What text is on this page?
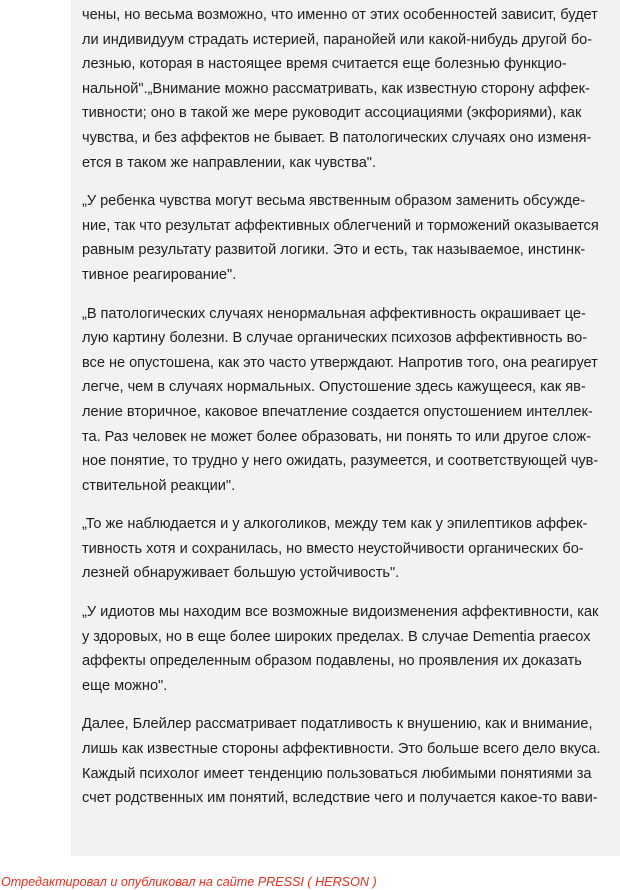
чены, но весьма возможно, что именно от этих особенностей зависит, будет
ли индивидуум страдать истерией, паранойей или какой-нибудь другой бо-
лезнью, которая в настоящее время считается еще болезнью функцио-
нальной".„Внимание можно рассматривать, как известную сторону аффек-
тивности; оно в такой же мере руководит ассоциациями (экфориями), как
чувства, и без аффектов не бывает. В патологических случаях оно изменя-
ется в таком же направлении, как чувства".

„У ребенка чувства могут весьма явственным образом заменить обсужде-
ние, так что результат аффективных облегчений и торможений оказывается
равным результату развитой логики. Это и есть, так называемое, инстинк-
тивное реагирование".

„В патологических случаях ненормальная аффективность окрашивает це-
лую картину болезни. В случае органических психозов аффективность во-
все не опустошена, как это часто утверждают. Напротив того, она реагирует
легче, чем в случаях нормальных. Опустошение здесь кажущееся, как яв-
ление вторичное, каковое впечатление создается опустошением интеллек-
та. Раз человек не может более образовать, ни понять то или другое слож-
ное понятие, то трудно у него ожидать, разумеется, и соответствующей чув-
ствительной реакции".

„То же наблюдается и у алкоголиков, между тем как у эпилептиков аффек-
тивность хотя и сохранилась, но вместо неустойчивости органических бо-
лезней обнаруживает большую устойчивость".

„У идиотов мы находим все возможные видоизменения аффективности, как
у здоровых, но в еще более широких пределах. В случае Dementia praecox
аффекты определенным образом подавлены, но проявления их доказать
еще можно".

Далее, Блейлер рассматривает податливость к внушению, как и внимание,
лишь как известные стороны аффективности. Это больше всего дело вкуса.
Каждый психолог имеет тенденцию пользоваться любимыми понятиями за
счет родственных им понятий, вследствие чего и получается какое-то вави-

Отредактировал и опубликовал на сайте PRESSI ( HERSON )
